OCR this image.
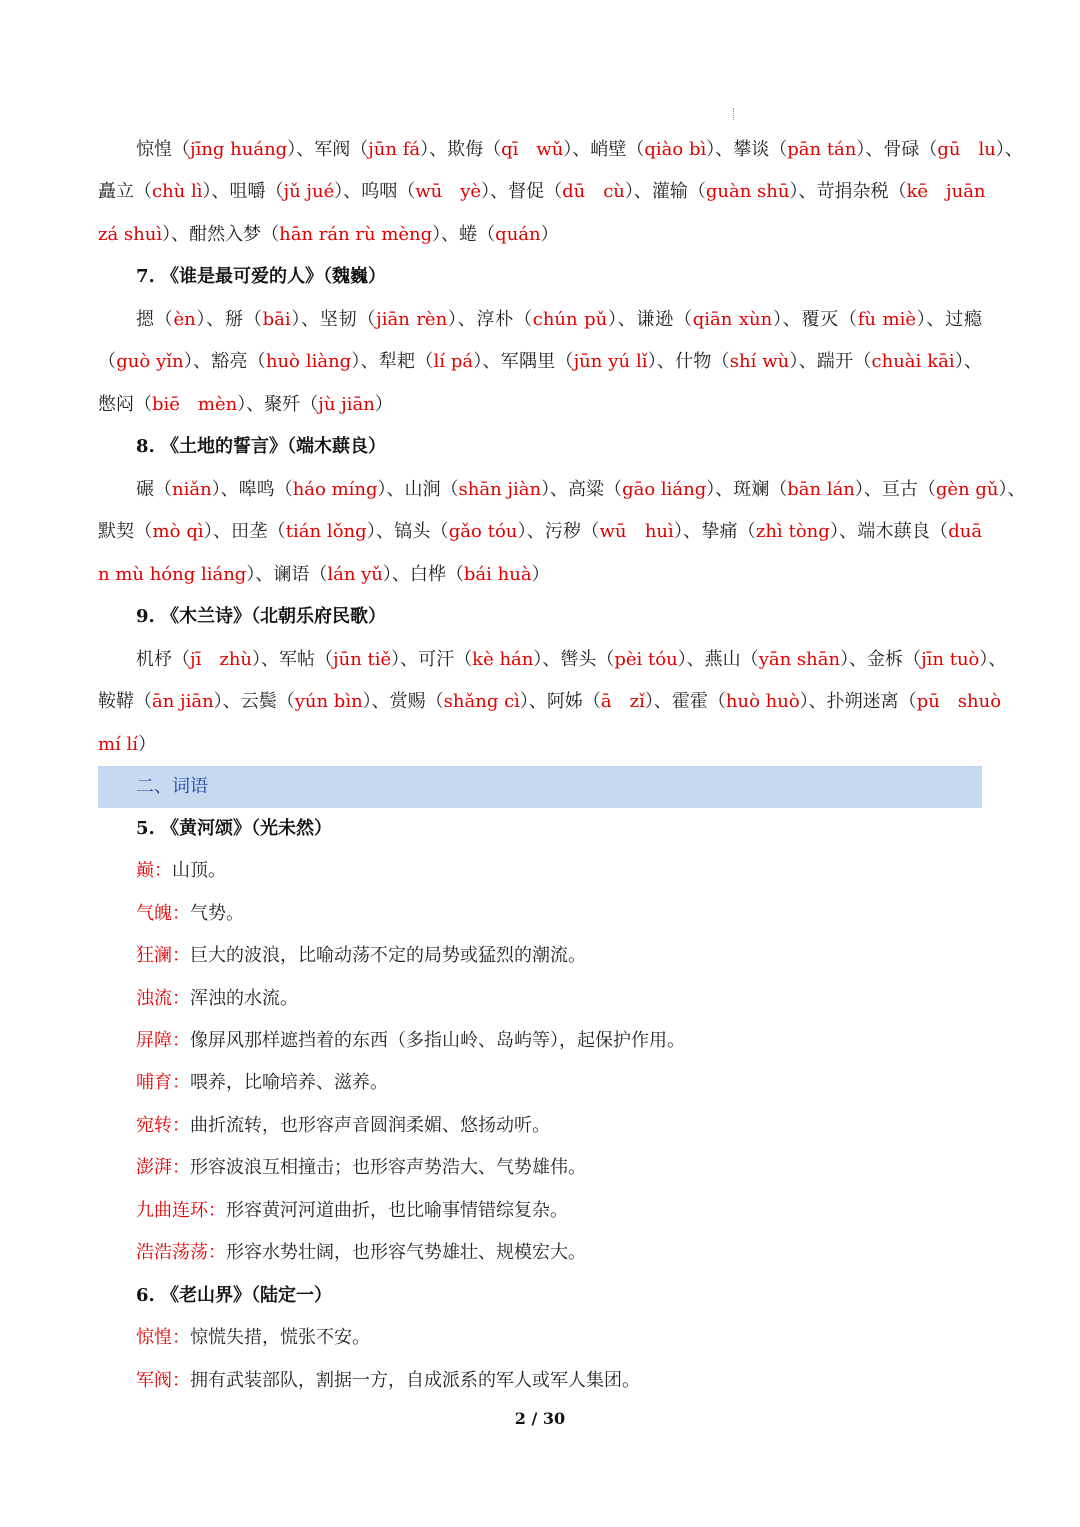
惊惶（jīng huáng）、军阀（jūn fá）、欺侮（qī　wǔ）、峭壁（qiào bì）、攀谈（pān tán）、骨碌（gū　lu）、
矗立（chù lì）、咀嚼（jǔ jué）、呜咽（wū　yè）、督促（dū　cù）、灌输（guàn shū）、苛捐杂税（kē　juān
zá shuì）、酣然入梦（hān rán rù mèng）、蜷（quán）
7. 《谁是最可爱的人》（魏巍）
摁（èn）、掰（bāi）、坚韧（jiān rèn）、淳朴（chún pǔ）、谦逊（qiān xùn）、覆灭（fù miè）、过瘾
（guò yǐn）、豁亮（huò liàng）、犁耙（lí pá）、军隅里（jūn yú lǐ）、什物（shí wù）、踹开（chuài kāi）、
憋闷（biē　mèn）、聚歼（jù jiān）
8. 《土地的誓言》（端木蕻良）
碾（niǎn）、嗥鸣（háo míng）、山涧（shān jiàn）、高粱（gāo liáng）、斑斓（bān lán）、亘古（gèn gǔ）、
默契（mò qì）、田垄（tián lǒng）、镐头（gǎo tóu）、污秽（wū　huì）、挚痛（zhì tòng）、端木蕻良（duā
n mù hóng liáng）、谰语（lán yǔ）、白桦（bái huà）
9. 《木兰诗》（北朝乐府民歌）
机杼（jī　zhù）、军帖（jūn tiě）、可汗（kè hán）、辔头（pèi tóu）、燕山（yān shān）、金柝（jīn tuò）、
鞍鞯（ān jiān）、云鬓（yún bìn）、赏赐（shǎng cì）、阿姊（ā　zǐ）、霍霍（huò huò）、扑朔迷离（pū　shuò
mí lí）
二、词语
5. 《黄河颂》（光未然）
巅：山顶。
气魄：气势。
狂澜：巨大的波浪，比喻动荡不定的局势或猛烈的潮流。
浊流：浑浊的水流。
屏障：像屏风那样遮挡着的东西（多指山岭、岛屿等），起保护作用。
哺育：喂养，比喻培养、滋养。
宛转：曲折流转，也形容声音圆润柔媚、悠扬动听。
澎湃：形容波浪互相撞击；也形容声势浩大、气势雄伟。
九曲连环：形容黄河河道曲折，也比喻事情错综复杂。
浩浩荡荡：形容水势壮阔，也形容气势雄壮、规模宏大。
6. 《老山界》（陆定一）
惊惶：惊慌失措，慌张不安。
军阀：拥有武装部队，割据一方，自成派系的军人或军人集团。
2 / 30
